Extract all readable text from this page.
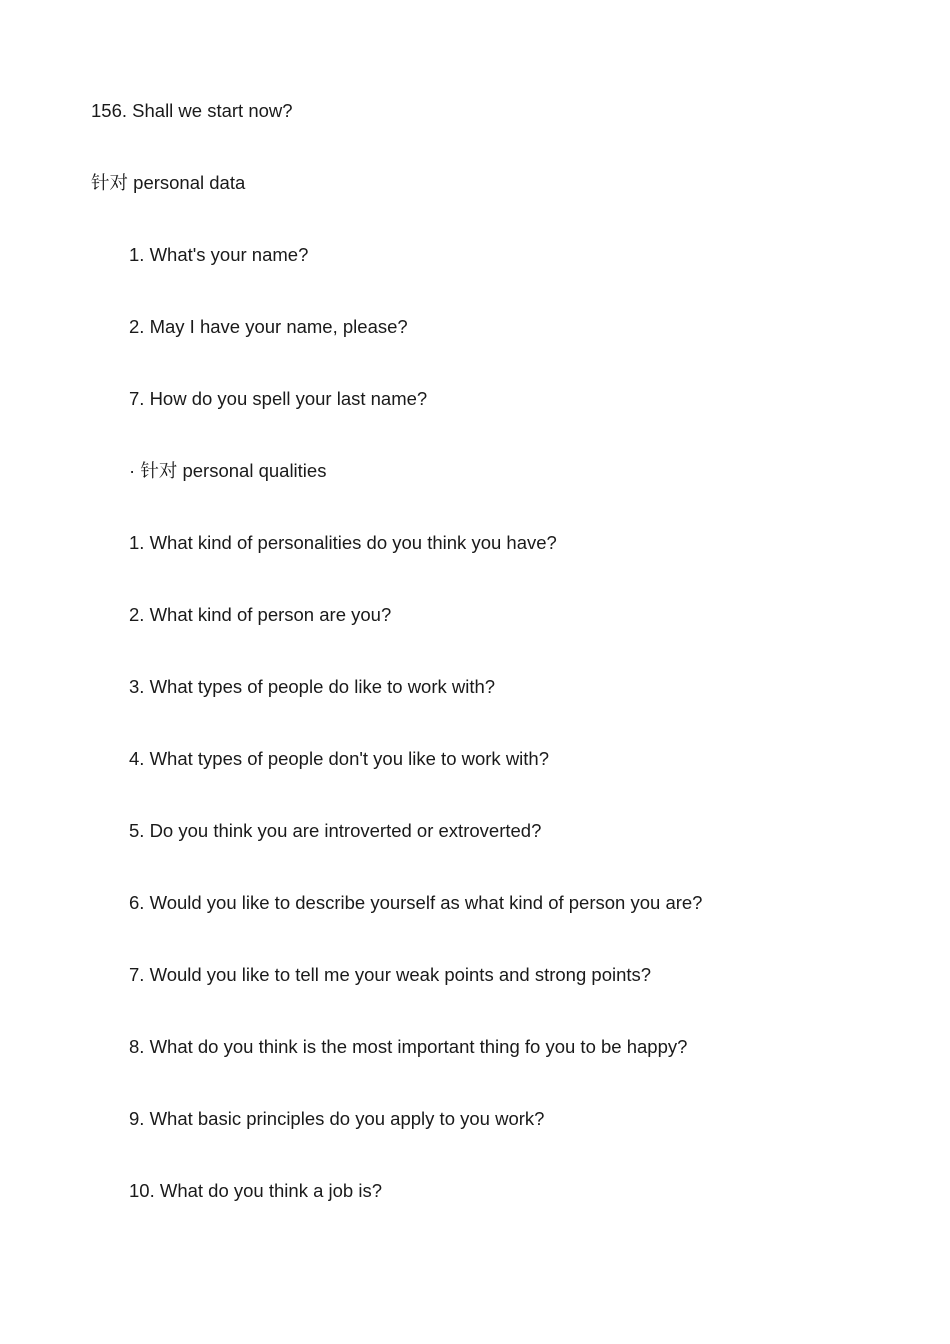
156. Shall we start now?
针对 personal data
1. What's your name?
2. May I have your name, please?
7. How do you spell your last name?
· 针对 personal qualities
1. What kind of personalities do you think you have?
2. What kind of person are you?
3. What types of people do like to work with?
4. What types of people don't you like to work with?
5. Do you think you are introverted or extroverted?
6. Would you like to describe yourself as what kind of person you are?
7. Would you like to tell me your weak points and strong points?
8. What do you think is the most important thing fo you to be happy?
9. What basic principles do you apply to you work?
10. What do you think a job is?
